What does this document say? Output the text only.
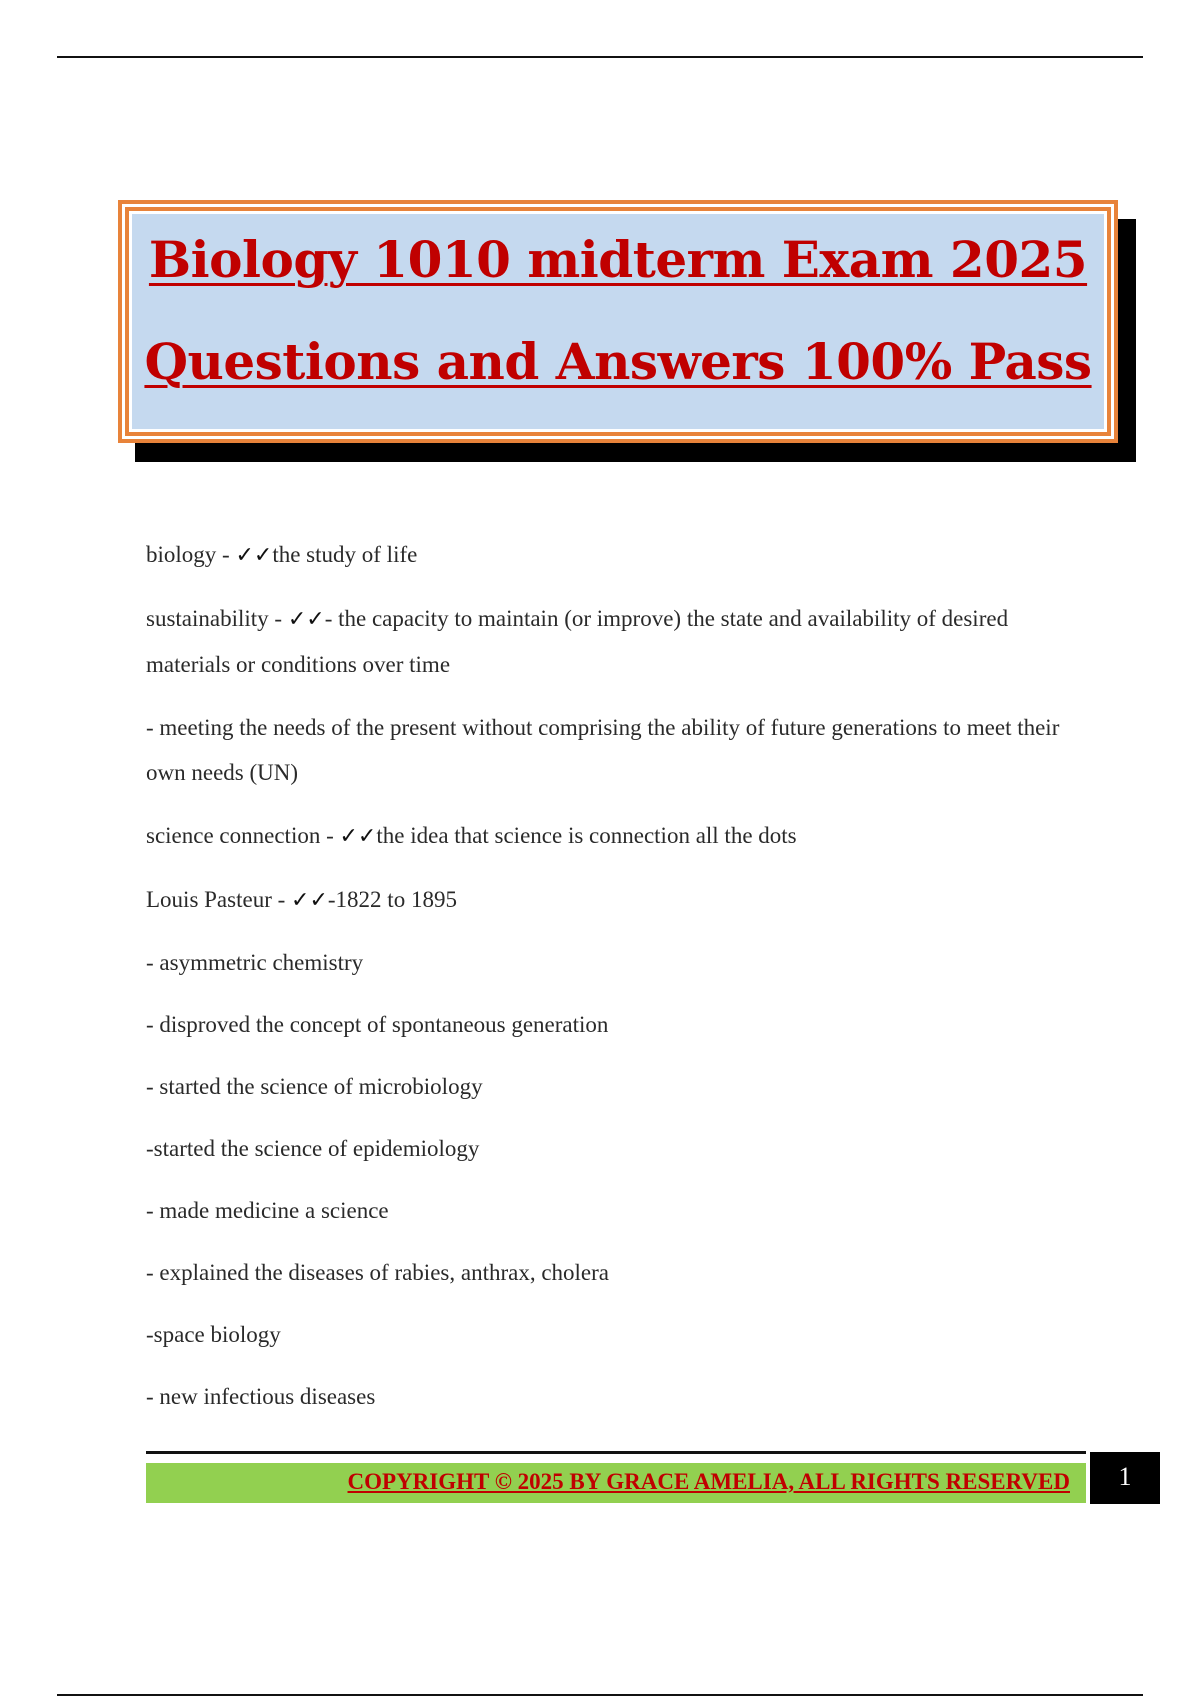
Biology 1010 midterm Exam 2025
Questions and Answers 100% Pass

biology - ✓✓the study of life

sustainability - ✓✓- the capacity to maintain (or improve) the state and availability of desired materials or conditions over time

- meeting the needs of the present without comprising the ability of future generations to meet their own needs (UN)

science connection - ✓✓the idea that science is connection all the dots

Louis Pasteur - ✓✓-1822 to 1895

- asymmetric chemistry

- disproved the concept of spontaneous generation

- started the science of microbiology

-started the science of epidemiology

- made medicine a science

- explained the diseases of rabies, anthrax, cholera

-space biology

- new infectious diseases

COPYRIGHT © 2025 BY GRACE AMELIA, ALL RIGHTS RESERVED	1
